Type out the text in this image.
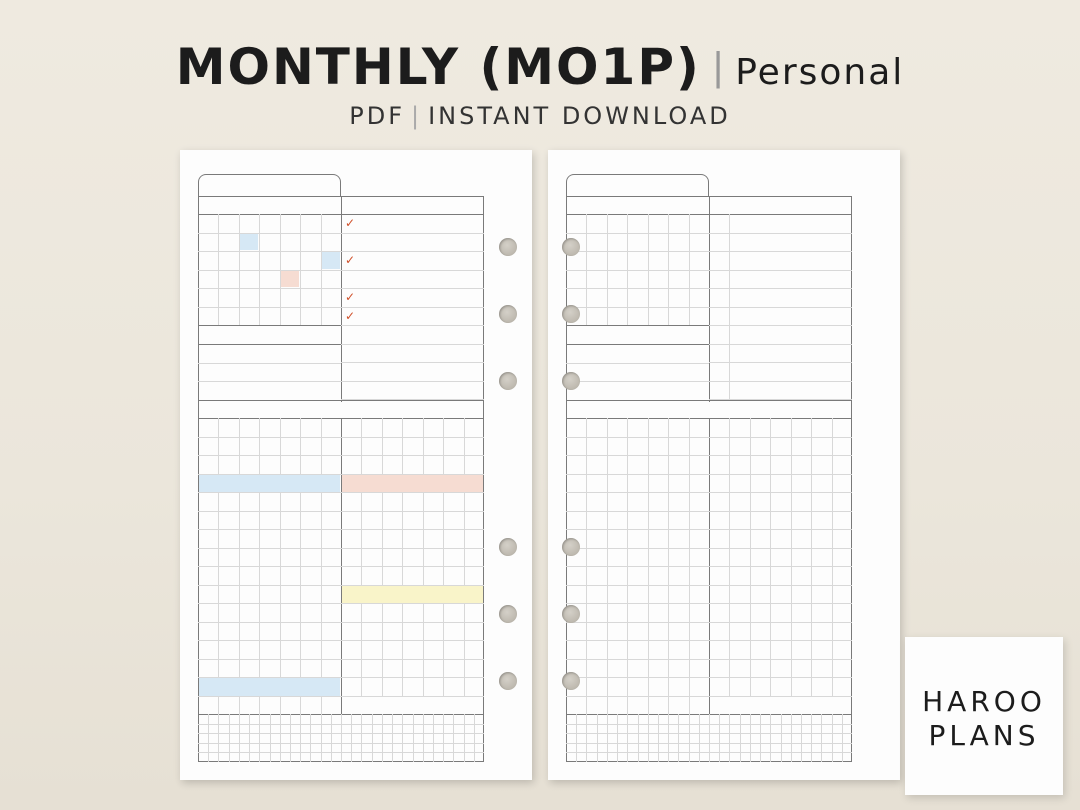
MONTHLY (MO1P) | Personal
PDF | INSTANT DOWNLOAD
✓
✓
✓
✓
HAROO
PLANS
